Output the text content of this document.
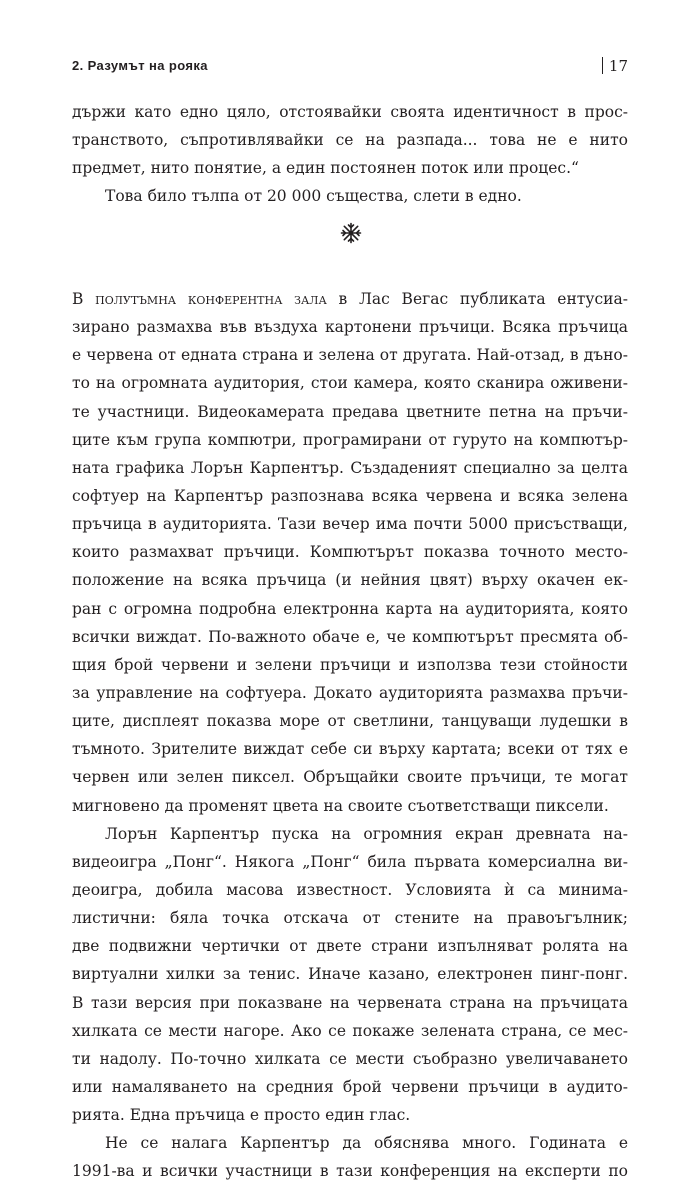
2. Разумът на рояка	17
държи като едно цяло, отстоявайки своята идентичност в прос-
транството, съпротивлявайки се на разпада... това не е нито
предмет, нито понятие, а един постоянен поток или процес.“
Това било тълпа от 20 000 същества, слети в едно.
В полутъмна конферентна зала в Лас Вегас публиката ентусиа-
зирано размахва във въздуха картонени пръчици. Всяка пръчица
е червена от едната страна и зелена от другата. Най-отзад, в дъно-
то на огромната аудитория, стои камера, която сканира оживени-
те участници. Видеокамерата предава цветните петна на пръчи-
ците към група компютри, програмирани от гуруто на компютър-
ната графика Лорън Карпентър. Създаденият специално за целта
софтуер на Карпентър разпознава всяка червена и всяка зелена
пръчица в аудиторията. Тази вечер има почти 5000 присъстващи,
които размахват пръчици. Компютърът показва точното место-
положение на всяка пръчица (и нейния цвят) върху окачен ек-
ран с огромна подробна електронна карта на аудиторията, която
всички виждат. По-важното обаче е, че компютърът пресмята об-
щия брой червени и зелени пръчици и използва тези стойности
за управление на софтуера. Докато аудиторията размахва пръчи-
ците, дисплеят показва море от светлини, танцуващи лудешки в
тъмното. Зрителите виждат себе си върху картата; всеки от тях е
червен или зелен пиксел. Обръщайки своите пръчици, те могат
мигновено да променят цвета на своите съответстващи пиксели.
Лорън Карпентър пуска на огромния екран древната на-
видеоигра „Понг“. Някога „Понг“ била първата комерсиална ви-
деоигра, добила масова известност. Условията ѝ са минима-
листични: бяла точка отскача от стените на правоъгълник;
две подвижни чертички от двете страни изпълняват ролята на
виртуални хилки за тенис. Иначе казано, електронен пинг-понг.
В тази версия при показване на червената страна на пръчицата
хилката се мести нагоре. Ако се покаже зелената страна, се мес-
ти надолу. По-точно хилката се мести съобразно увеличаването
или намаляването на средния брой червени пръчици в аудито-
рията. Една пръчица е просто един глас.
Не се налага Карпентър да обяснява много. Годината е
1991-ва и всички участници в тази конференция на експерти по
